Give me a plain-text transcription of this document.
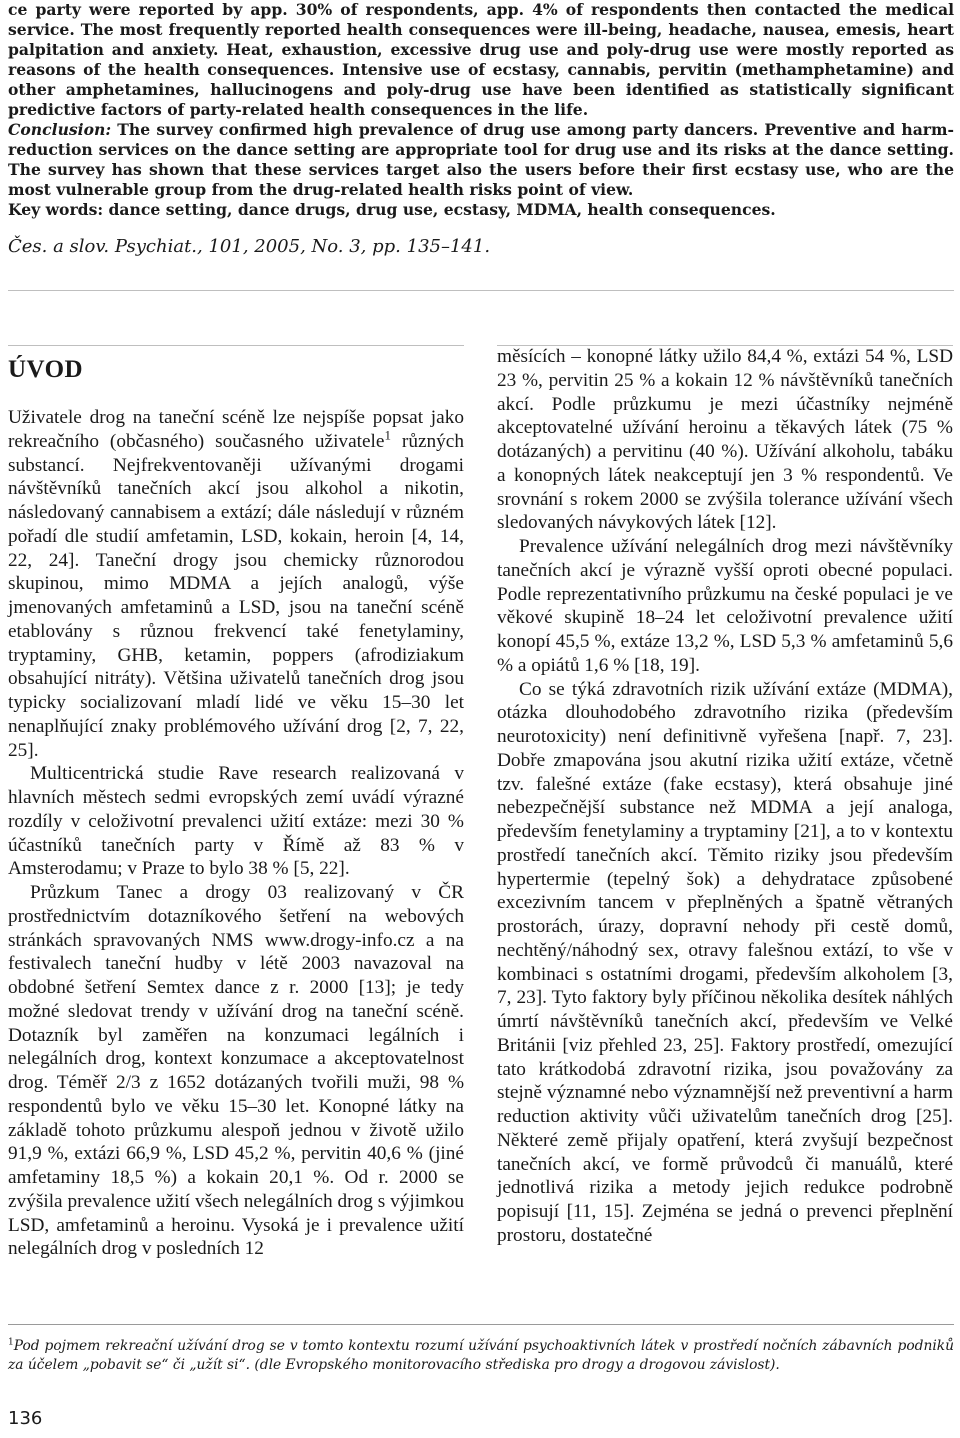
ce party were reported by app. 30% of respondents, app. 4% of respondents then contacted the medical service. The most frequently reported health consequences were ill-being, headache, nausea, emesis, heart palpitation and anxiety. Heat, exhaustion, excessive drug use and poly-drug use were mostly reported as reasons of the health consequences. Intensive use of ecstasy, cannabis, pervitin (methamphetamine) and other amphetamines, hallucinogens and poly-drug use have been identified as statistically significant predictive factors of party-related health consequences in the life.

Conclusion: The survey confirmed high prevalence of drug use among party dancers. Preventive and harm-reduction services on the dance setting are appropriate tool for drug use and its risks at the dance setting. The survey has shown that these services target also the users before their first ecstasy use, who are the most vulnerable group from the drug-related health risks point of view.

Key words: dance setting, dance drugs, drug use, ecstasy, MDMA, health consequences.

Čes. a slov. Psychiat., 101, 2005, No. 3, pp. 135–141.

ÚVOD

Uživatele drog na taneční scéně lze nejspíše popsat jako rekreačního (občasného) současného uživatele$^1$ různých substancí. Nejfrekventovaněji užívanými drogami návštěvníků tanečních akcí jsou alkohol a nikotin, následovaný cannabisem a extází; dále následují v různém pořadí dle studií amfetamin, LSD, kokain, heroin [4, 14, 22, 24]. Taneční drogy jsou chemicky různorodou skupinou, mimo MDMA a jejích analogů, výše jmenovaných amfetaminů a LSD, jsou na taneční scéně etablovány s různou frekvencí také fenetylaminy, tryptaminy, GHB, ketamin, poppers (afrodiziakum obsahující nitráty). Většina uživatelů tanečních drog jsou typicky socializovaní mladí lidé ve věku 15–30 let nenaplňující znaky problémového užívání drog [2, 7, 22, 25].

Multicentrická studie Rave research realizovaná v hlavních městech sedmi evropských zemí uvádí výrazné rozdíly v celoživotní prevalenci užití extáze: mezi 30 % účastníků tanečních party v Římě až 83 % v Amsterodamu; v Praze to bylo 38 % [5, 22].

Průzkum Tanec a drogy 03 realizovaný v ČR prostřednictvím dotazníkového šetření na webových stránkách spravovaných NMS www.drogy-info.cz a na festivalech taneční hudby v létě 2003 navazoval na obdobné šetření Semtex dance z r. 2000 [13]; je tedy možné sledovat trendy v užívání drog na taneční scéně. Dotazník byl zaměřen na konzumaci legálních i nelegálních drog, kontext konzumace a akceptovatelnost drog. Téměř 2/3 z 1652 dotázaných tvořili muži, 98 % respondentů bylo ve věku 15–30 let. Konopné látky na základě tohoto průzkumu alespoň jednou v životě užilo 91,9 %, extázi 66,9 %, LSD 45,2 %, pervitin 40,6 % (jiné amfetaminy 18,5 %) a kokain 20,1 %. Od r. 2000 se zvýšila prevalence užití všech nelegálních drog s výjimkou LSD, amfetaminů a heroinu. Vysoká je i prevalence užití nelegálních drog v posledních 12

měsících – konopné látky užilo 84,4 %, extázi 54 %, LSD 23 %, pervitin 25 % a kokain 12 % návštěvníků tanečních akcí. Podle průzkumu je mezi účastníky nejméně akceptovatelné užívání heroinu a těkavých látek (75 % dotázaných) a pervitinu (40 %). Užívání alkoholu, tabáku a konopných látek neakceptují jen 3 % respondentů. Ve srovnání s rokem 2000 se zvýšila tolerance užívání všech sledovaných návykových látek [12].

Prevalence užívání nelegálních drog mezi návštěvníky tanečních akcí je výrazně vyšší oproti obecné populaci. Podle reprezentativního průzkumu na české populaci je ve věkové skupině 18–24 let celoživotní prevalence užití konopí 45,5 %, extáze 13,2 %, LSD 5,3 % amfetaminů 5,6 % a opiátů 1,6 % [18, 19].

Co se týká zdravotních rizik užívání extáze (MDMA), otázka dlouhodobého zdravotního rizika (především neurotoxicity) není definitivně vyřešena [např. 7, 23]. Dobře zmapována jsou akutní rizika užití extáze, včetně tzv. falešné extáze (fake ecstasy), která obsahuje jiné nebezpečnější substance než MDMA a její analoga, především fenetylaminy a tryptaminy [21], a to v kontextu prostředí tanečních akcí. Těmito riziky jsou především hypertermie (tepelný šok) a dehydratace způsobené excezivním tancem v přeplněných a špatně větraných prostorách, úrazy, dopravní nehody při cestě domů, nechtěný/náhodný sex, otravy falešnou extází, to vše v kombinaci s ostatními drogami, především alkoholem [3, 7, 23]. Tyto faktory byly příčinou několika desítek náhlých úmrtí návštěvníků tanečních akcí, především ve Velké Británii [viz přehled 23, 25]. Faktory prostředí, omezující tato krátkodobá zdravotní rizika, jsou považovány za stejně významné nebo významnější než preventivní a harm reduction aktivity vůči uživatelům tanečních drog [25]. Některé země přijaly opatření, která zvyšují bezpečnost tanečních akcí, ve formě průvodců či manuálů, které jednotlivá rizika a metody jejich redukce podrobně popisují [11, 15]. Zejména se jedná o prevenci přeplnění prostoru, dostatečné

$^1$Pod pojmem rekreační užívání drog se v tomto kontextu rozumí užívání psychoaktivních látek v prostředí nočních zábavních podniků za účelem „pobavit se“ či „užít si“. (dle Evropského monitorovacího střediska pro drogy a drogovou závislost).

136
